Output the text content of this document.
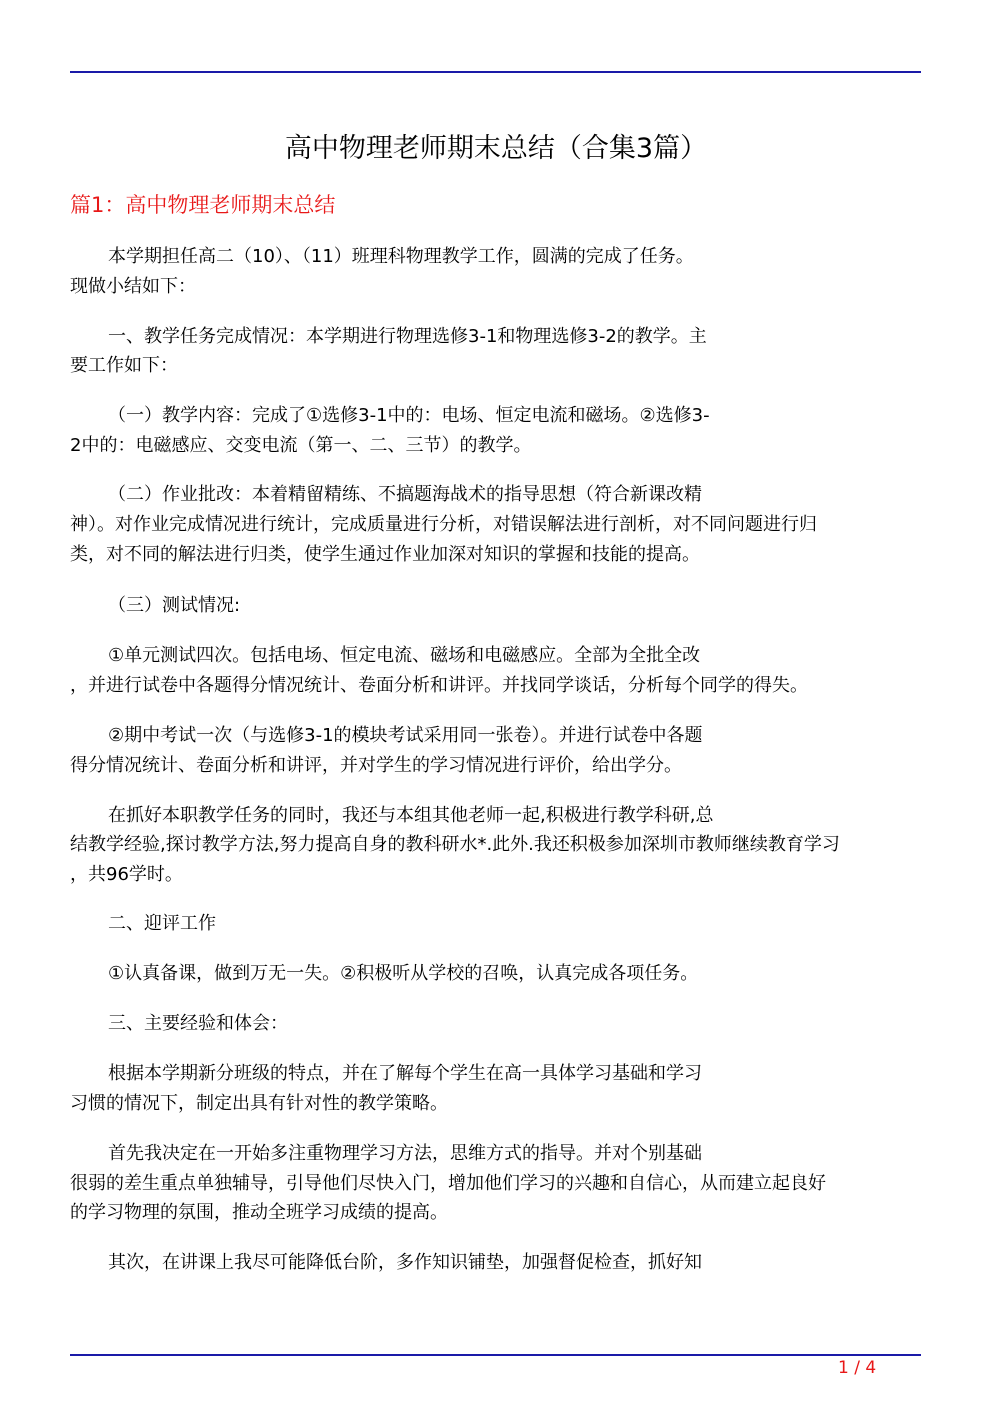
高中物理老师期末总结（合集3篇）
篇1：高中物理老师期末总结
本学期担任高二（10）、（11）班理科物理教学工作，圆满的完成了任务。
现做小结如下：
一、教学任务完成情况：本学期进行物理选修3-1和物理选修3-2的教学。主
要工作如下：
（一）教学内容：完成了①选修3-1中的：电场、恒定电流和磁场。②选修3-
2中的：电磁感应、交变电流（第一、二、三节）的教学。
（二）作业批改：本着精留精练、不搞题海战术的指导思想（符合新课改精
神）。对作业完成情况进行统计，完成质量进行分析，对错误解法进行剖析，对不同问题进行归
类，对不同的解法进行归类，使学生通过作业加深对知识的掌握和技能的提高。
（三）测试情况:
①单元测试四次。包括电场、恒定电流、磁场和电磁感应。全部为全批全改
，并进行试卷中各题得分情况统计、卷面分析和讲评。并找同学谈话，分析每个同学的得失。
②期中考试一次（与选修3-1的模块考试采用同一张卷）。并进行试卷中各题
得分情况统计、卷面分析和讲评，并对学生的学习情况进行评价，给出学分。
在抓好本职教学任务的同时，我还与本组其他老师一起,积极进行教学科研,总
结教学经验,探讨教学方法,努力提高自身的教科研水*.此外.我还积极参加深圳市教师继续教育学习
，共96学时。
二、迎评工作
①认真备课，做到万无一失。②积极听从学校的召唤，认真完成各项任务。
三、主要经验和体会：
根据本学期新分班级的特点，并在了解每个学生在高一具体学习基础和学习
习惯的情况下，制定出具有针对性的教学策略。
首先我决定在一开始多注重物理学习方法，思维方式的指导。并对个别基础
很弱的差生重点单独辅导，引导他们尽快入门，增加他们学习的兴趣和自信心，从而建立起良好
的学习物理的氛围，推动全班学习成绩的提高。
其次，在讲课上我尽可能降低台阶，多作知识铺垫，加强督促检查，抓好知
1 / 4
